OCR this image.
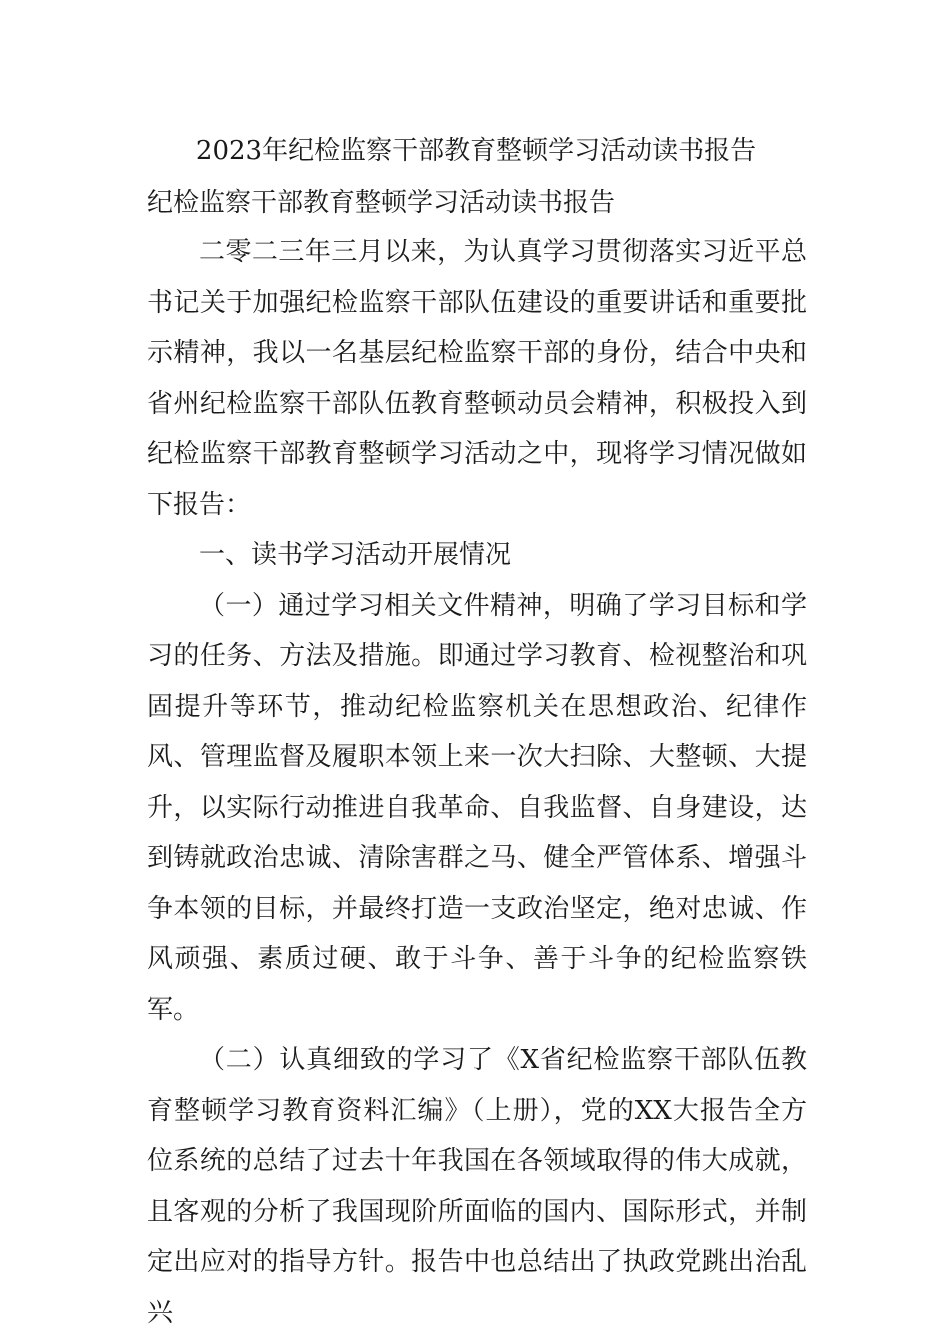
2023年纪检监察干部教育整顿学习活动读书报告
纪检监察干部教育整顿学习活动读书报告

二零二三年三月以来，为认真学习贯彻落实习近平总书记关于加强纪检监察干部队伍建设的重要讲话和重要批示精神，我以一名基层纪检监察干部的身份，结合中央和省州纪检监察干部队伍教育整顿动员会精神，积极投入到纪检监察干部教育整顿学习活动之中，现将学习情况做如下报告：

一、读书学习活动开展情况

（一）通过学习相关文件精神，明确了学习目标和学习的任务、方法及措施。即通过学习教育、检视整治和巩固提升等环节，推动纪检监察机关在思想政治、纪律作风、管理监督及履职本领上来一次大扫除、大整顿、大提升，以实际行动推进自我革命、自我监督、自身建设，达到铸就政治忠诚、清除害群之马、健全严管体系、增强斗争本领的目标，并最终打造一支政治坚定，绝对忠诚、作风顽强、素质过硬、敢于斗争、善于斗争的纪检监察铁军。

（二）认真细致的学习了《X省纪检监察干部队伍教育整顿学习教育资料汇编》（上册），党的XX大报告全方位系统的总结了过去十年我国在各领域取得的伟大成就，且客观的分析了我国现阶所面临的国内、国际形式，并制定出应对的指导方针。报告中也总结出了执政党跳出治乱兴
